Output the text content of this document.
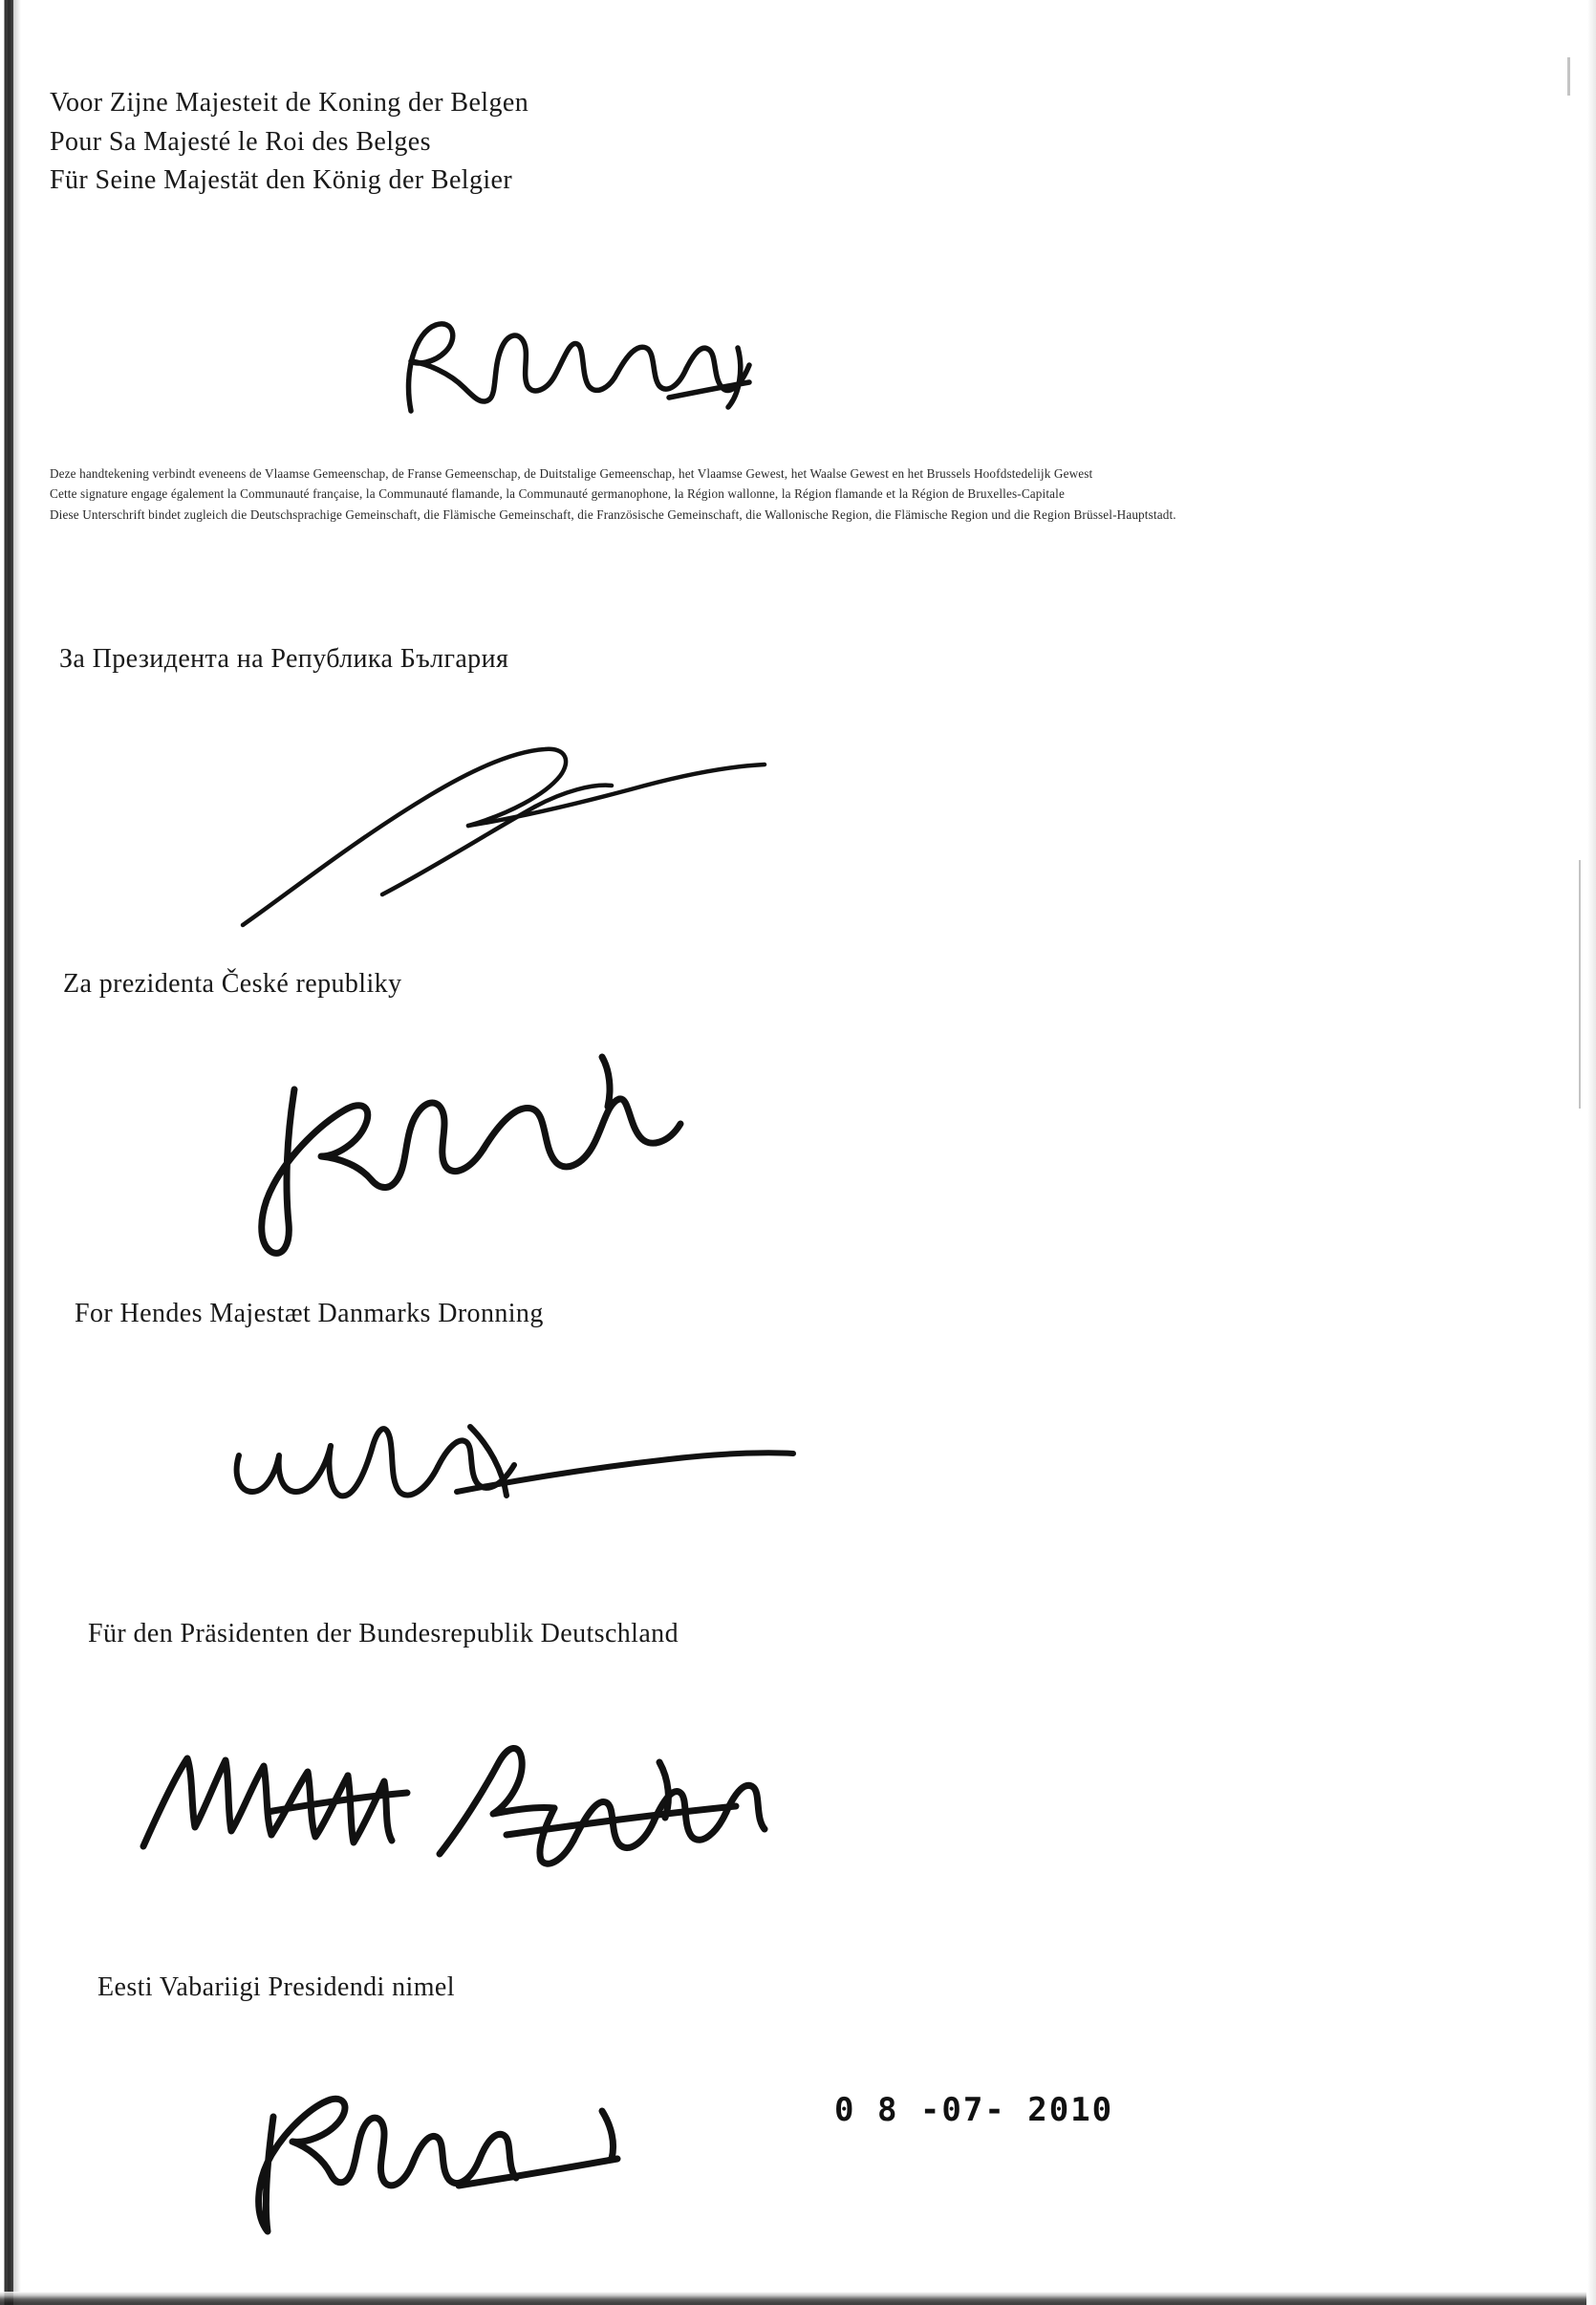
Voor Zijne Majesteit de Koning der Belgen
Pour Sa Majesté le Roi des Belges
Für Seine Majestät den König der Belgier
Deze handtekening verbindt eveneens de Vlaamse Gemeenschap, de Franse Gemeenschap, de Duitstalige Gemeenschap, het Vlaamse Gewest, het Waalse Gewest en het Brussels Hoofdstedelijk Gewest
Cette signature engage également la Communauté française, la Communauté flamande, la Communauté germanophone, la Région wallonne, la Région flamande et la Région de Bruxelles-Capitale
Diese Unterschrift bindet zugleich die Deutschsprachige Gemeinschaft, die Flämische Gemeinschaft, die Französische Gemeinschaft, die Wallonische Region, die Flämische Region und die Region Brüssel-Hauptstadt.
За Президента на Република България
Za prezidenta České republiky
For Hendes Majestæt Danmarks Dronning
Für den Präsidenten der Bundesrepublik Deutschland
Eesti Vabariigi Presidendi nimel
0 8 -07- 2010
